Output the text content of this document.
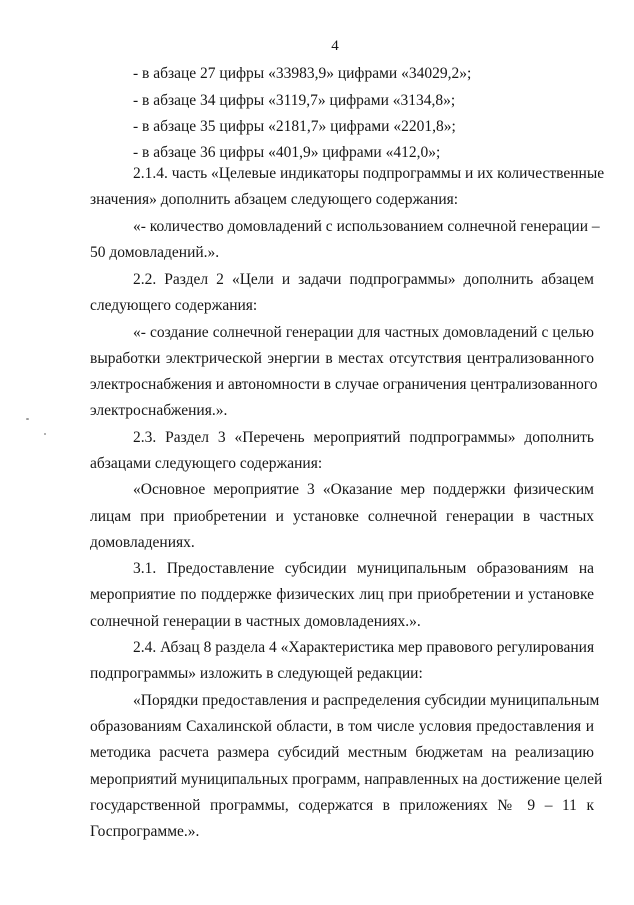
4
- в абзаце 27 цифры «33983,9» цифрами «34029,2»;
- в абзаце 34 цифры «3119,7» цифрами «3134,8»;
- в абзаце 35 цифры «2181,7» цифрами «2201,8»;
- в абзаце 36 цифры «401,9» цифрами «412,0»;
2.1.4. часть «Целевые индикаторы подпрограммы и их количественные
значения» дополнить абзацем следующего содержания:
«- количество домовладений с использованием солнечной генерации –
50 домовладений.».
2.2. Раздел 2 «Цели и задачи подпрограммы» дополнить абзацем
следующего содержания:
«- создание солнечной генерации для частных домовладений с целью
выработки электрической энергии в местах отсутствия централизованного
электроснабжения и автономности в случае ограничения централизованного
электроснабжения.».
2.3. Раздел 3 «Перечень мероприятий подпрограммы» дополнить
абзацами следующего содержания:
«Основное мероприятие 3 «Оказание мер поддержки физическим
лицам при приобретении и установке солнечной генерации в частных
домовладениях.
3.1. Предоставление субсидии муниципальным образованиям на
мероприятие по поддержке физических лиц при приобретении и установке
солнечной генерации в частных домовладениях.».
2.4. Абзац 8 раздела 4 «Характеристика мер правового регулирования
подпрограммы» изложить в следующей редакции:
«Порядки предоставления и распределения субсидии муниципальным
образованиям Сахалинской области, в том числе условия предоставления и
методика расчета размера субсидий местным бюджетам на реализацию
мероприятий муниципальных программ, направленных на достижение целей
государственной программы, содержатся в приложениях № 9 – 11 к
Госпрограмме.».
